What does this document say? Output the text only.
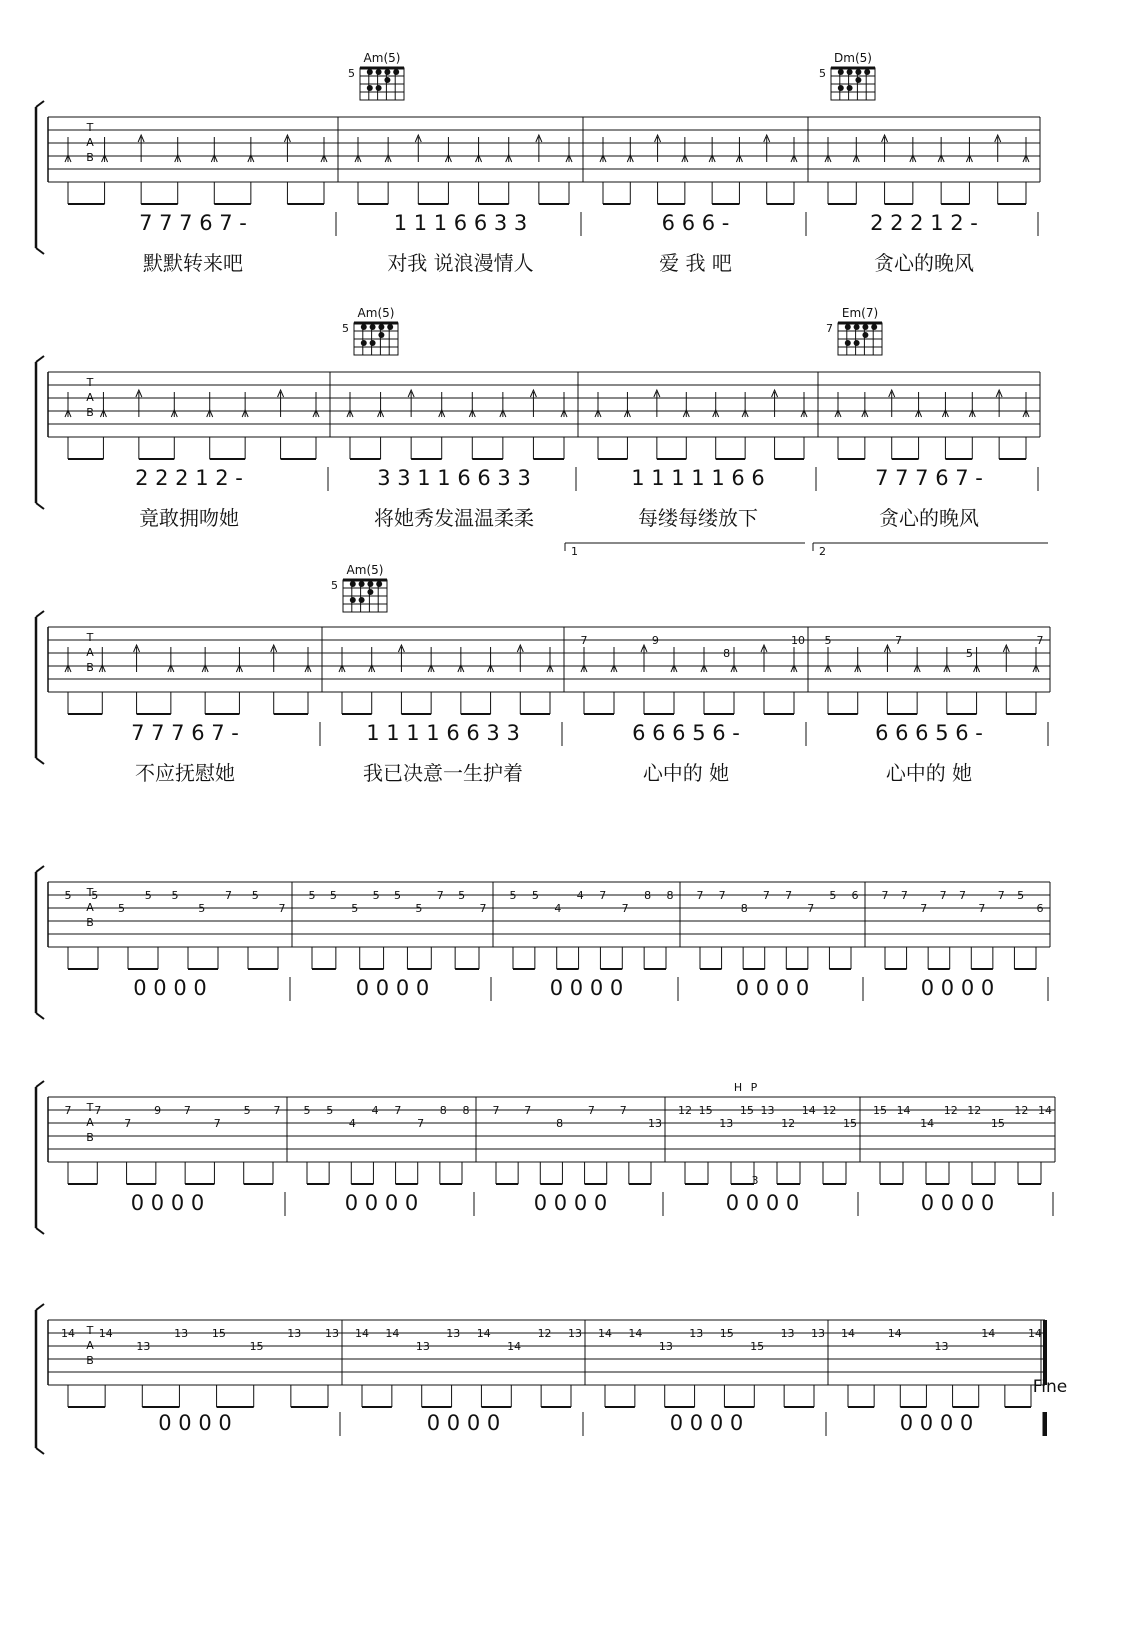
T
A
B
T
A
B
T
A
B
T
A
B
T
A
B
T
A
B
Am(5)
5
Dm(5)
5
7 7 7 6 7 -
默默转来吧
1 1 1 6 6 3 3
对我 说浪漫情人
6 6 6 -
爱 我 吧
2 2 2 1 2 -
贪心的晚风
Am(5)
5
Em(7)
7
2 2 2 1 2 -
竟敢拥吻她
3 3 1 1 6 6 3 3
将她秀发温温柔柔
1 1 1 1 1 6 6
每缕每缕放下
7 7 7 6 7 -
贪心的晚风
1	2
Am(5)
5
7 7 7 6 7 -
不应抚慰她
1 1 1 1 6 6 3 3
我已决意一生护着
7	9
8
10
6 6 6 5 6 -
心中的 她
5	7
5
7
6 6 6 5 6 -
心中的 她
5 5
5
5 5
5
7 5
7
0 0 0 0
5 5
5
5 5
5
7 5
7
0 0 0 0
5 5
4
4 7
7
8 8
0 0 0 0
7 7
8
7 7
7
5 6
0 0 0 0
7 7
7
7 7
7
7 5
6
0 0 0 0
7 7
7
9 7
7
5 7
0 0 0 0
5 5
4
4 7
7
8 8
0 0 0 0
7 7
8
7 7
13
0 0 0 0
12 15
13
15 13
12
14 12
15
0 0 0 0
15 14
14
12 12
15
12 14
0 0 0 0
H P
3
14 14
13
13 15
15
13 13
0 0 0 0
14 14
13
13 14
14
12 13
0 0 0 0
14 14
13
13 15
15
13 13
0 0 0 0
14	14
13
14	14
0 0 0 0
Fine
